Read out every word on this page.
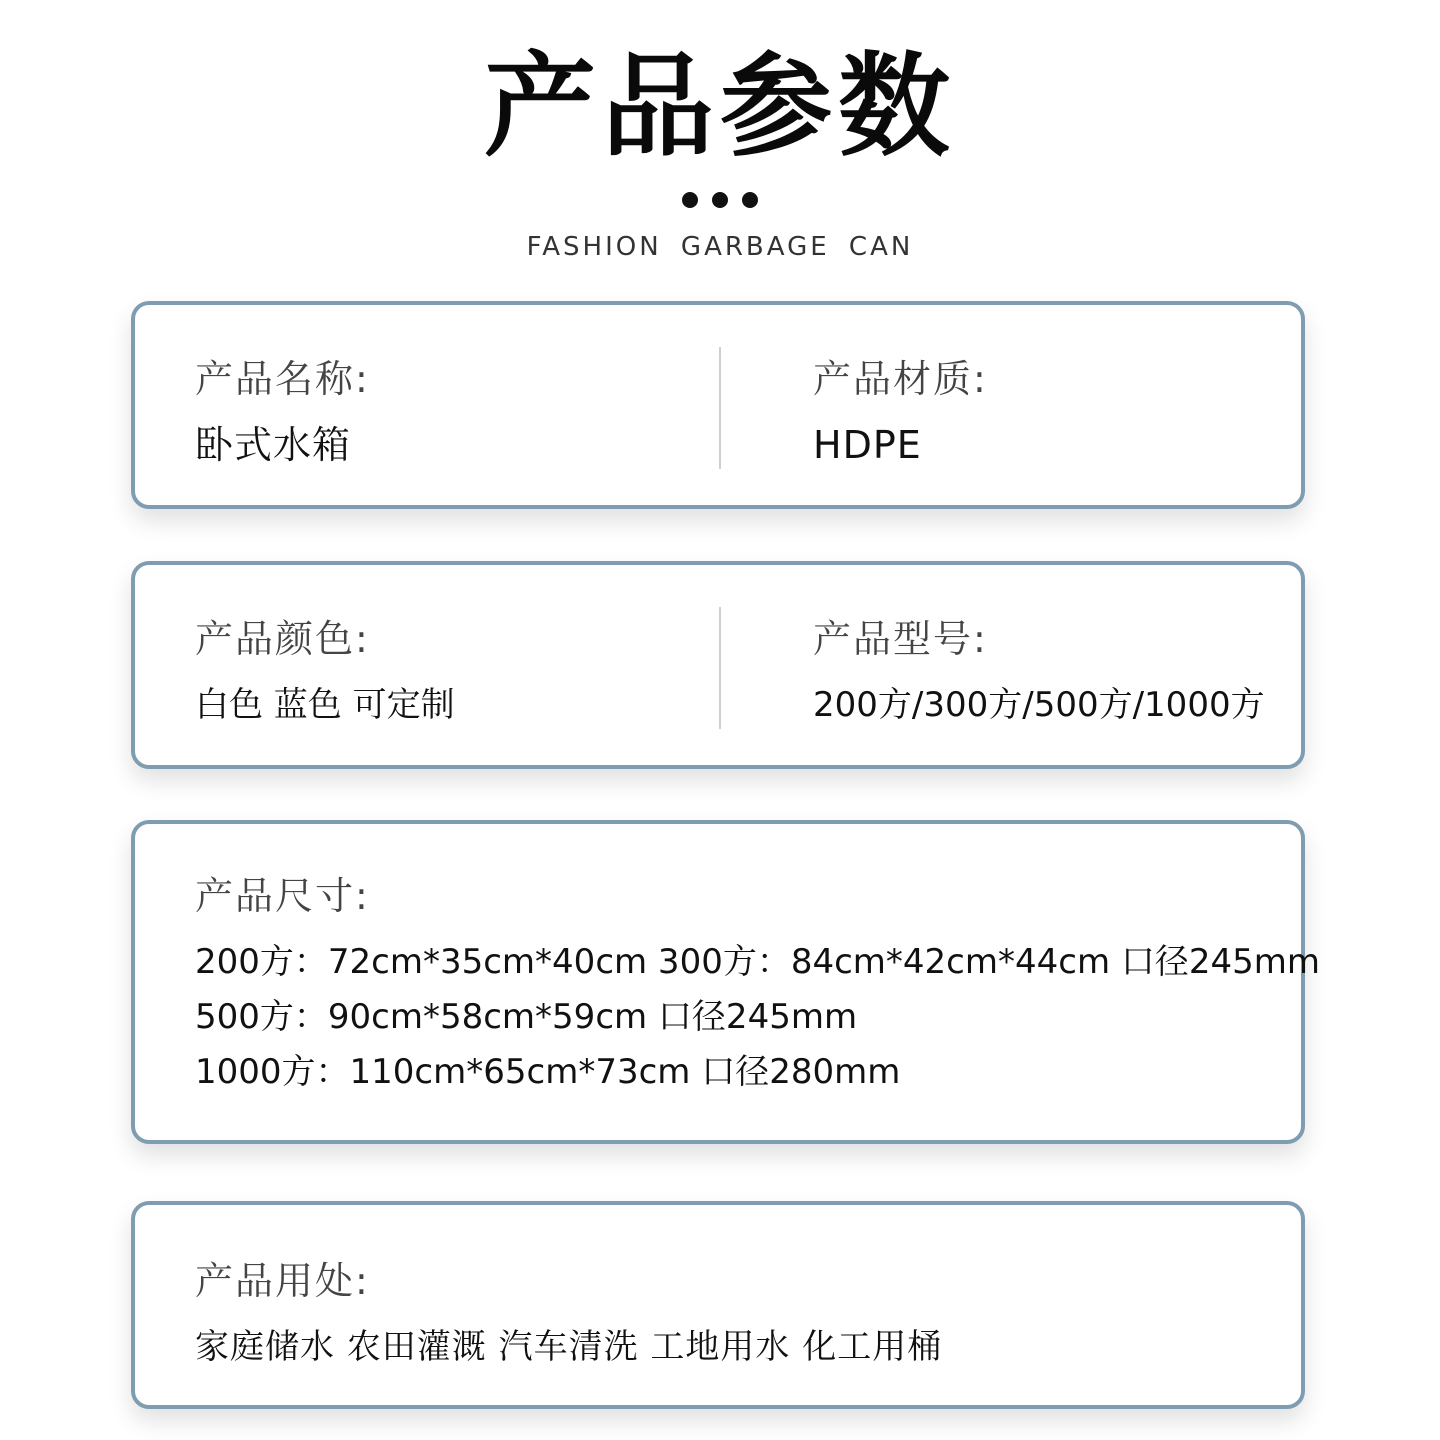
产品参数
FASHION GARBAGE CAN
产品名称:
卧式水箱
产品材质:
HDPE
产品颜色:
白色 蓝色 可定制
产品型号:
200方/300方/500方/1000方
产品尺寸:
200方：72cm*35cm*40cm 300方：84cm*42cm*44cm 口径245mm
500方：90cm*58cm*59cm 口径245mm
1000方：110cm*65cm*73cm 口径280mm
产品用处:
家庭储水 农田灌溉 汽车清洗 工地用水 化工用桶
